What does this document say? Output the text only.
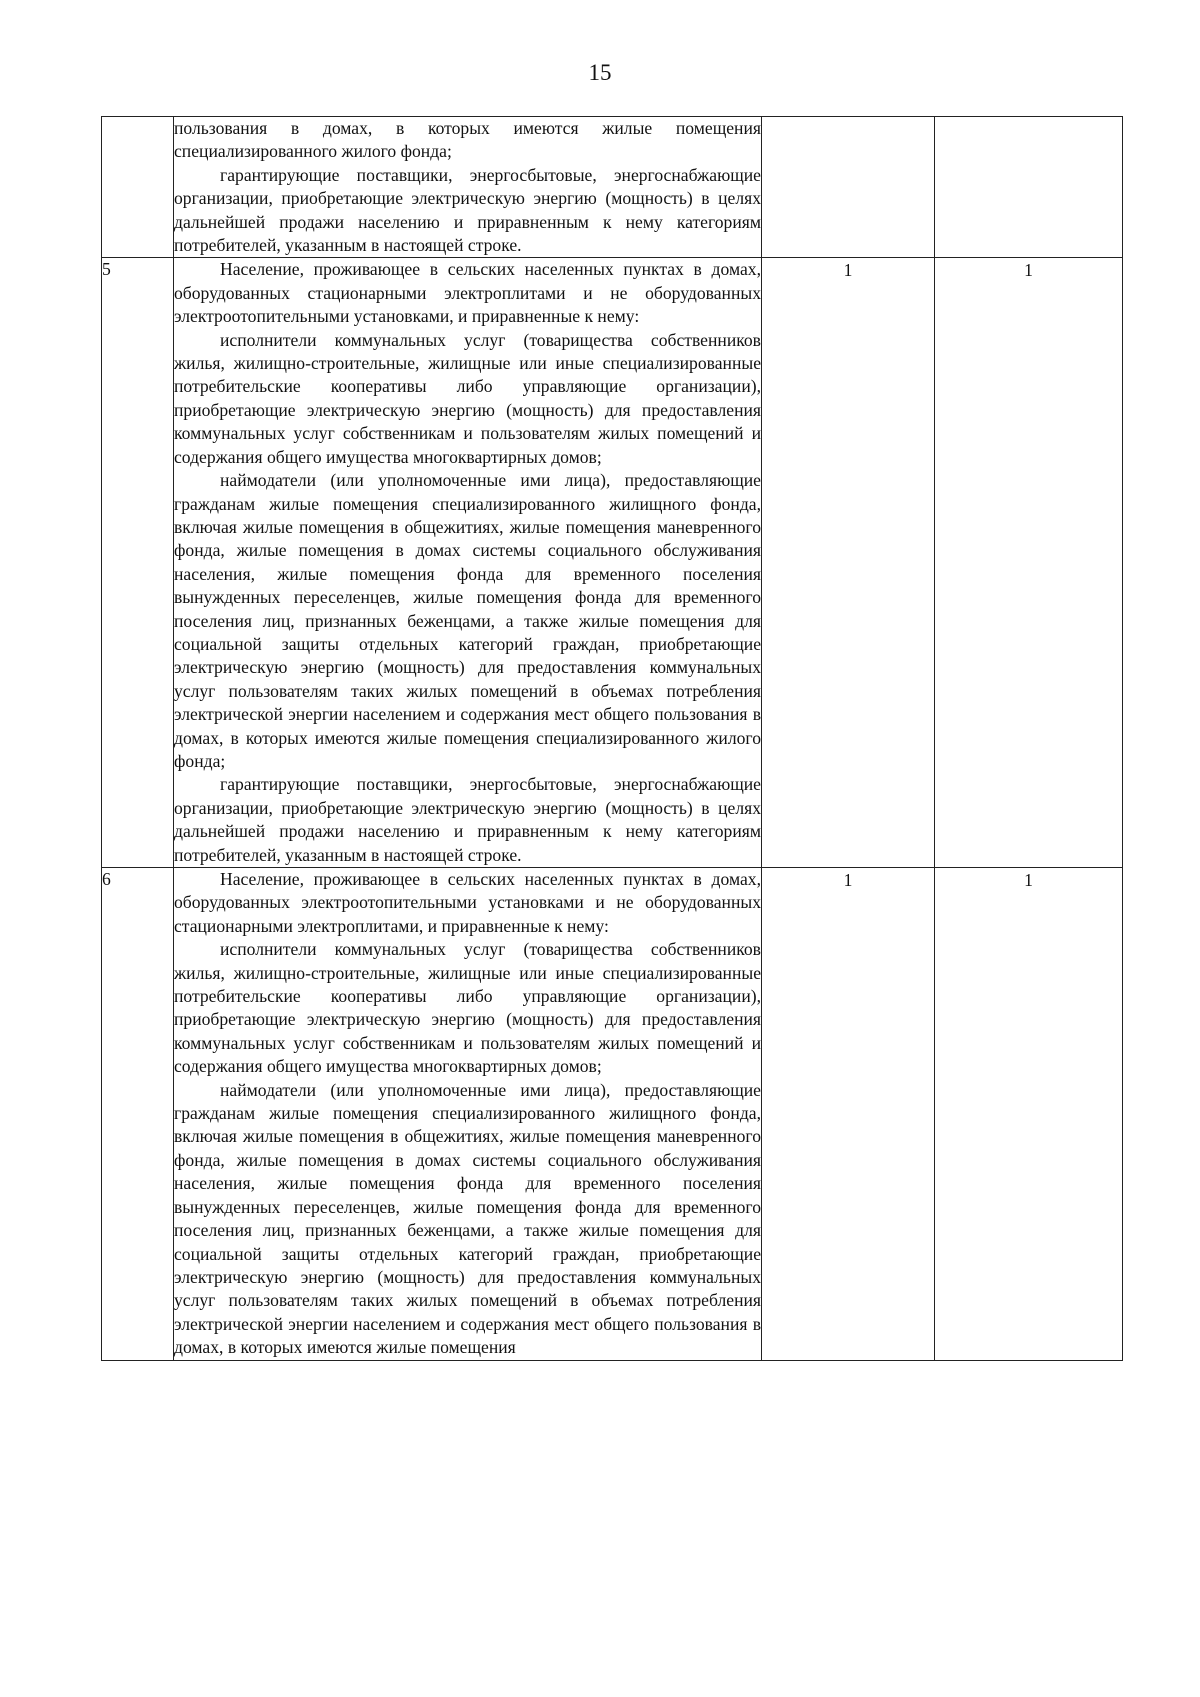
15

	пользования в домах, в которых имеются жилые помещения специализированного жилого фонда;

гарантирующие поставщики, энергосбытовые, энергоснабжающие организации, приобретающие электрическую энергию (мощность) в целях дальнейшей продажи населению и приравненным к нему категориям потребителей, указанным в настоящей строке.		

5	Население, проживающее в сельских населенных пунктах в домах, оборудованных стационарными электроплитами и не оборудованных электроотопительными установками, и приравненные к нему:

исполнители коммунальных услуг (товарищества собственников жилья, жилищно-строительные, жилищные или иные специализированные потребительские кооперативы либо управляющие организации), приобретающие электрическую энергию (мощность) для предоставления коммунальных услуг собственникам и пользователям жилых помещений и содержания общего имущества многоквартирных домов;

наймодатели (или уполномоченные ими лица), предоставляющие гражданам жилые помещения специализированного жилищного фонда, включая жилые помещения в общежитиях, жилые помещения маневренного фонда, жилые помещения в домах системы социального обслуживания населения, жилые помещения фонда для временного поселения вынужденных переселенцев, жилые помещения фонда для временного поселения лиц, признанных беженцами, а также жилые помещения для социальной защиты отдельных категорий граждан, приобретающие электрическую энергию (мощность) для предоставления коммунальных услуг пользователям таких жилых помещений в объемах потребления электрической энергии населением и содержания мест общего пользования в домах, в которых имеются жилые помещения специализированного жилого фонда;

гарантирующие поставщики, энергосбытовые, энергоснабжающие организации, приобретающие электрическую энергию (мощность) в целях дальнейшей продажи населению и приравненным к нему категориям потребителей, указанным в настоящей строке.	1	1

6	Население, проживающее в сельских населенных пунктах в домах, оборудованных электроотопительными установками и не оборудованных стационарными электроплитами, и приравненные к нему:

исполнители коммунальных услуг (товарищества собственников жилья, жилищно-строительные, жилищные или иные специализированные потребительские кооперативы либо управляющие организации), приобретающие электрическую энергию (мощность) для предоставления коммунальных услуг собственникам и пользователям жилых помещений и содержания общего имущества многоквартирных домов;

наймодатели (или уполномоченные ими лица), предоставляющие гражданам жилые помещения специализированного жилищного фонда, включая жилые помещения в общежитиях, жилые помещения маневренного фонда, жилые помещения в домах системы социального обслуживания населения, жилые помещения фонда для временного поселения вынужденных переселенцев, жилые помещения фонда для временного поселения лиц, признанных беженцами, а также жилые помещения для социальной защиты отдельных категорий граждан, приобретающие электрическую энергию (мощность) для предоставления коммунальных услуг пользователям таких жилых помещений в объемах потребления электрической энергии населением и содержания мест общего пользования в домах, в которых имеются жилые помещения	1	1
